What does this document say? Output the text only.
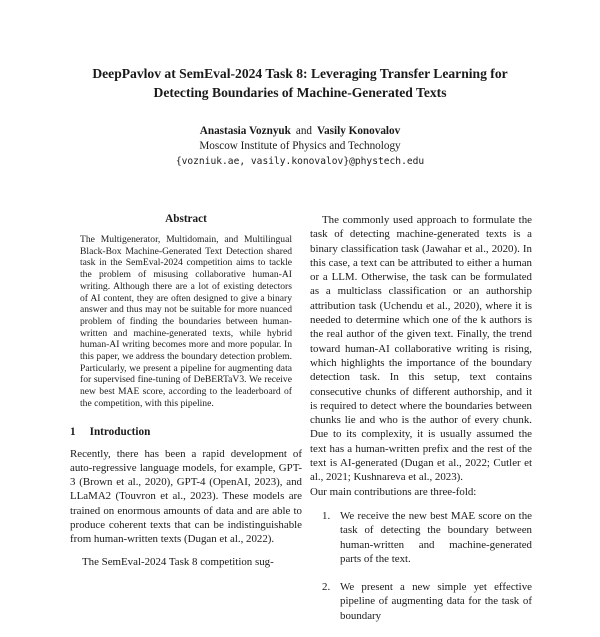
DeepPavlov at SemEval-2024 Task 8: Leveraging Transfer Learning for
Detecting Boundaries of Machine-Generated Texts
Anastasia Voznyuk and Vasily Konovalov
Moscow Institute of Physics and Technology
{vozniuk.ae, vasily.konovalov}@phystech.edu
Abstract

The Multigenerator, Multidomain, and Multilingual Black-Box Machine-Generated Text Detection shared task in the SemEval-2024 competition aims to tackle the problem of misusing collaborative human-AI writing. Although there are a lot of existing detectors of AI content, they are often designed to give a binary answer and thus may not be suitable for more nuanced problem of finding the boundaries between human-written and machine-generated texts, while hybrid human-AI writing becomes more and more popular. In this paper, we address the boundary detection problem. Particularly, we present a pipeline for augmenting data for supervised fine-tuning of DeBERTaV3. We receive new best MAE score, according to the leaderboard of the competition, with this pipeline.

1 Introduction

Recently, there has been a rapid development of auto-regressive language models, for example, GPT-3 (Brown et al., 2020), GPT-4 (OpenAI, 2023), and LLaMA2 (Touvron et al., 2023). These models are trained on enormous amounts of data and are able to produce coherent texts that can be indistinguishable from human-written texts (Dugan et al., 2022).

The SemEval-2024 Task 8 competition sug-

The commonly used approach to formulate the task of detecting machine-generated texts is a binary classification task (Jawahar et al., 2020). In this case, a text can be attributed to either a human or a LLM. Otherwise, the task can be formulated as a multiclass classification or an authorship attribution task (Uchendu et al., 2020), where it is needed to determine which one of the k authors is the real author of the given text. Finally, the trend toward human-AI collaborative writing is rising, which highlights the importance of the boundary detection task. In this setup, text contains consecutive chunks of different authorship, and it is required to detect where the boundaries between chunks lie and who is the author of every chunk. Due to its complexity, it is usually assumed the text has a human-written prefix and the rest of the text is AI-generated (Dugan et al., 2022; Cutler et al., 2021; Kushnareva et al., 2023).

Our main contributions are three-fold:

1. We receive the new best MAE score on the task of detecting the boundary between human-written and machine-generated parts of the text.
2. We present a new simple yet effective pipeline of augmenting data for the task of boundary
